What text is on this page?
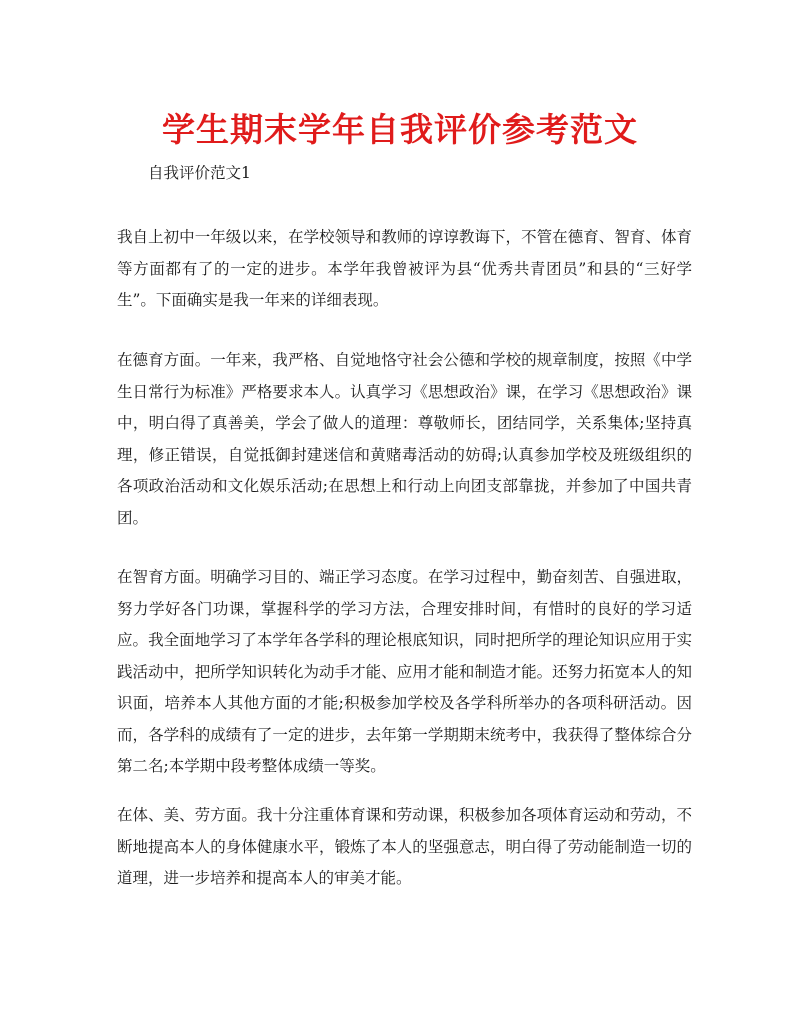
学生期末学年自我评价参考范文

自我评价范文1

我自上初中一年级以来，在学校领导和教师的谆谆教诲下，不管在德育、智育、体育等方面都有了的一定的进步。本学年我曾被评为县“优秀共青团员”和县的“三好学生”。下面确实是我一年来的详细表现。

在德育方面。一年来，我严格、自觉地恪守社会公德和学校的规章制度，按照《中学生日常行为标准》严格要求本人。认真学习《思想政治》课，在学习《思想政治》课中，明白得了真善美，学会了做人的道理：尊敬师长，团结同学，关系集体;坚持真理，修正错误，自觉抵御封建迷信和黄赌毒活动的妨碍;认真参加学校及班级组织的各项政治活动和文化娱乐活动;在思想上和行动上向团支部靠拢，并参加了中国共青团。

在智育方面。明确学习目的、端正学习态度。在学习过程中，勤奋刻苦、自强进取，努力学好各门功课，掌握科学的学习方法，合理安排时间，有惜时的良好的学习适应。我全面地学习了本学年各学科的理论根底知识，同时把所学的理论知识应用于实践活动中，把所学知识转化为动手才能、应用才能和制造才能。还努力拓宽本人的知识面，培养本人其他方面的才能;积极参加学校及各学科所举办的各项科研活动。因而，各学科的成绩有了一定的进步，去年第一学期期末统考中，我获得了整体综合分第二名;本学期中段考整体成绩一等奖。

在体、美、劳方面。我十分注重体育课和劳动课，积极参加各项体育运动和劳动，不断地提高本人的身体健康水平，锻炼了本人的坚强意志，明白得了劳动能制造一切的道理，进一步培养和提高本人的审美才能。
